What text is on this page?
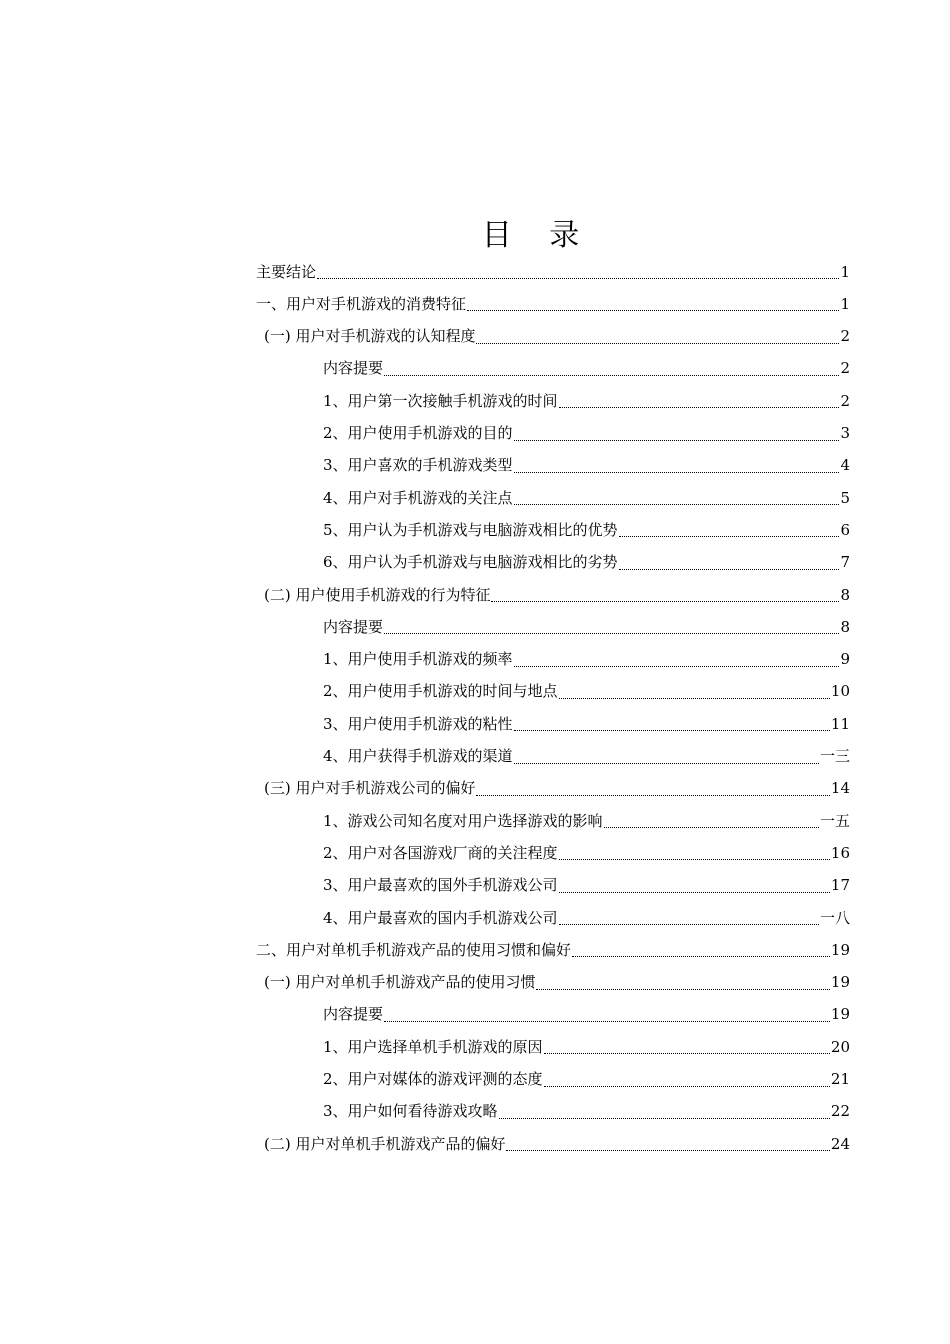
目 录
主要结论	1
一、用户对手机游戏的消费特征	1
(一) 用户对手机游戏的认知程度	2
内容提要	2
1、用户第一次接触手机游戏的时间	2
2、用户使用手机游戏的目的	3
3、用户喜欢的手机游戏类型	4
4、用户对手机游戏的关注点	5
5、用户认为手机游戏与电脑游戏相比的优势	6
6、用户认为手机游戏与电脑游戏相比的劣势	7
(二) 用户使用手机游戏的行为特征	8
内容提要	8
1、用户使用手机游戏的频率	9
2、用户使用手机游戏的时间与地点	10
3、用户使用手机游戏的粘性	11
4、用户获得手机游戏的渠道	一三
(三) 用户对手机游戏公司的偏好	14
1、游戏公司知名度对用户选择游戏的影响	一五
2、用户对各国游戏厂商的关注程度	16
3、用户最喜欢的国外手机游戏公司	17
4、用户最喜欢的国内手机游戏公司	一八
二、用户对单机手机游戏产品的使用习惯和偏好	19
(一) 用户对单机手机游戏产品的使用习惯	19
内容提要	19
1、用户选择单机手机游戏的原因	20
2、用户对媒体的游戏评测的态度	21
3、用户如何看待游戏攻略	22
(二) 用户对单机手机游戏产品的偏好	24
